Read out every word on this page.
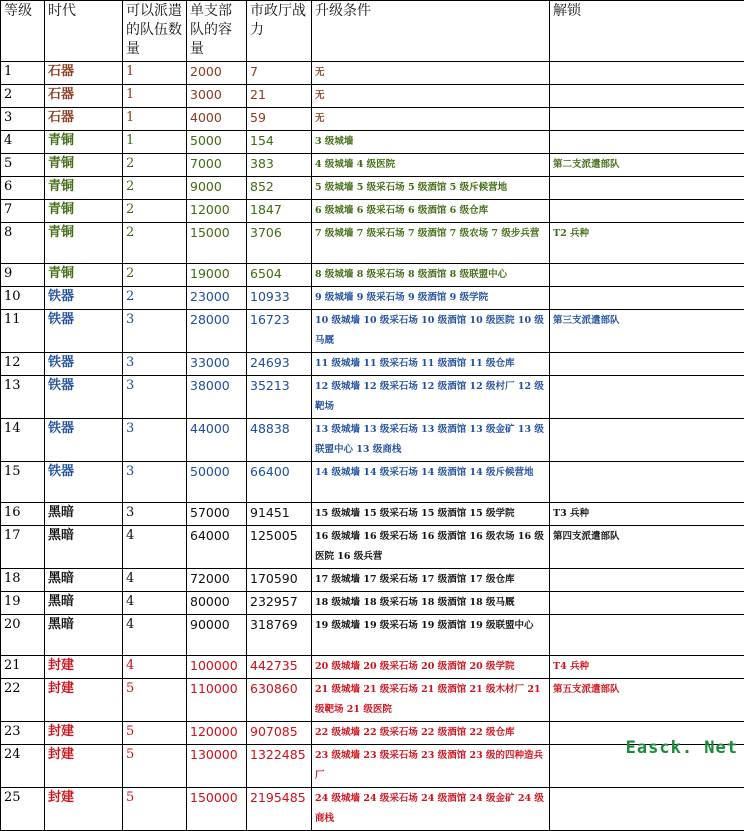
等级	时代	可以派遣的队伍数量	单支部队的容量	市政厅战力	升级条件	解锁
1	石器	1	2000	7	无	
2	石器	1	3000	21	无	
3	石器	1	4000	59	无	
4	青铜	1	5000	154	3 级城墙	
5	青铜	2	7000	383	4 级城墙 4 级医院	第二支派遣部队
6	青铜	2	9000	852	5 级城墙 5 级采石场 5 级酒馆 5 级斥候营地	
7	青铜	2	12000	1847	6 级城墙 6 级采石场 6 级酒馆 6 级仓库	
8	青铜	2	15000	3706	7 级城墙 7 级采石场 7 级酒馆 7 级农场 7 级步兵营	T2 兵种
9	青铜	2	19000	6504	8 级城墙 8 级采石场 8 级酒馆 8 级联盟中心	
10	铁器	2	23000	10933	9 级城墙 9 级采石场 9 级酒馆 9 级学院	
11	铁器	3	28000	16723	10 级城墙 10 级采石场 10 级酒馆 10 级医院 10 级马厩	第三支派遣部队
12	铁器	3	33000	24693	11 级城墙 11 级采石场 11 级酒馆 11 级仓库	
13	铁器	3	38000	35213	12 级城墙 12 级采石场 12 级酒馆 12 级村厂 12 级靶场	
14	铁器	3	44000	48838	13 级城墙 13 级采石场 13 级酒馆 13 级金矿 13 级联盟中心 13 级商栈	
15	铁器	3	50000	66400	14 级城墙 14 级采石场 14 级酒馆 14 级斥候营地	
16	黑暗	3	57000	91451	15 级城墙 15 级采石场 15 级酒馆 15 级学院	T3 兵种
17	黑暗	4	64000	125005	16 级城墙 16 级采石场 16 级酒馆 16 级农场 16 级医院 16 级兵营	第四支派遣部队
18	黑暗	4	72000	170590	17 级城墙 17 级采石场 17 级酒馆 17 级仓库	
19	黑暗	4	80000	232957	18 级城墙 18 级采石场 18 级酒馆 18 级马厩	
20	黑暗	4	90000	318769	19 级城墙 19 级采石场 19 级酒馆 19 级联盟中心	
21	封建	4	100000	442735	20 级城墙 20 级采石场 20 级酒馆 20 级学院	T4 兵种
22	封建	5	110000	630860	21 级城墙 21 级采石场 21 级酒馆 21 级木材厂 21 级靶场 21 级医院	第五支派遣部队
23	封建	5	120000	907085	22 级城墙 22 级采石场 22 级酒馆 22 级仓库	
24	封建	5	130000	1322485	23 级城墙 23 级采石场 23 级酒馆 23 级的四种造兵厂	
25	封建	5	150000	2195485	24 级城墙 24 级采石场 24 级酒馆 24 级金矿 24 级商栈	
Easck. Net
